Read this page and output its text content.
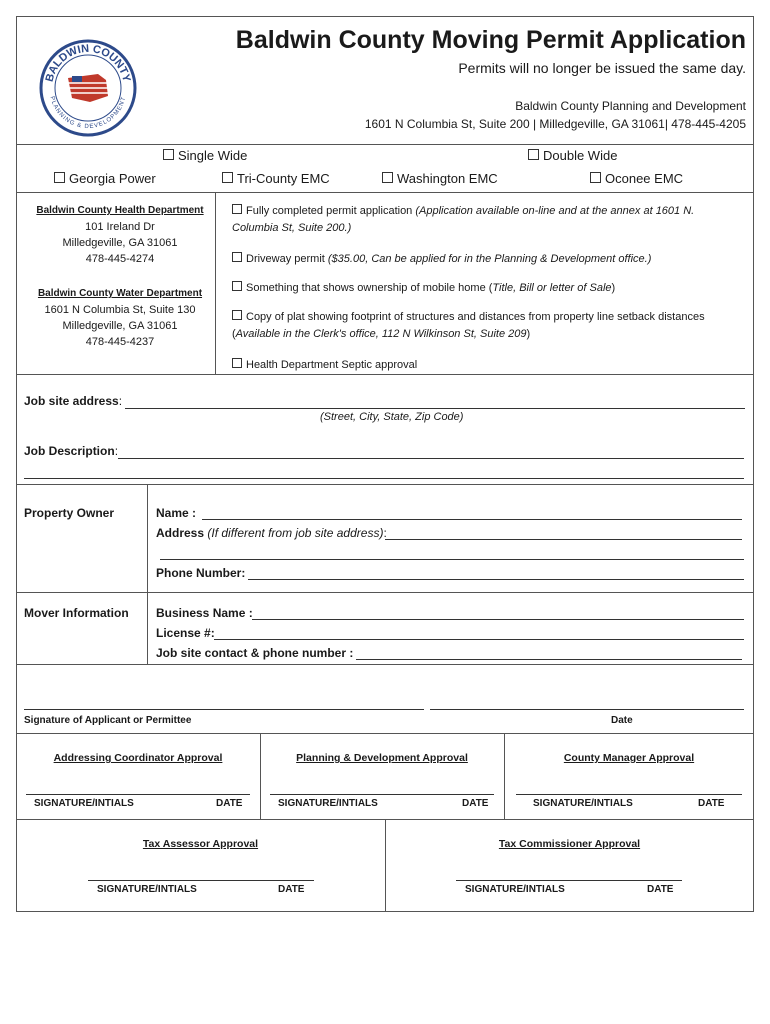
BALDWIN COUNTY
PLANNING & DEVELOPMENT
Baldwin County Moving Permit Application
Permits will no longer be issued the same day.
Baldwin County Planning and Development
1601 N Columbia St, Suite 200 | Milledgeville, GA 31061| 478-445-4205
Single Wide	Double Wide
Georgia Power	Tri-County EMC	Washington EMC	Oconee EMC
Baldwin County Health Department
101 Ireland Dr
Milledgeville, GA 31061
478-445-4274
Baldwin County Water Department
1601 N Columbia St, Suite 130
Milledgeville, GA 31061
478-445-4237
Fully completed permit application (Application available on-line and at the annex at 1601 N. Columbia St, Suite 200.)
Driveway permit ($35.00, Can be applied for in the Planning & Development office.)
Something that shows ownership of mobile home (Title, Bill or letter of Sale)
Copy of plat showing footprint of structures and distances from property line setback distances (Available in the Clerk's office, 112 N Wilkinson St, Suite 209)
Health Department Septic approval
Job site address:
(Street, City, State, Zip Code)
Job Description:
Property Owner	Name :
Address (If different from job site address):
Phone Number:
Mover Information Business Name :
License #:
Job site contact & phone number :
Signature of Applicant or Permittee	Date
Addressing Coordinator Approval	Planning & Development Approval	County Manager Approval
SIGNATURE/INTIALS	DATE	SIGNATURE/INTIALS	DATE	SIGNATURE/INTIALS	DATE
Tax Assessor Approval	Tax Commissioner Approval
SIGNATURE/INTIALS	DATE	SIGNATURE/INTIALS	DATE
